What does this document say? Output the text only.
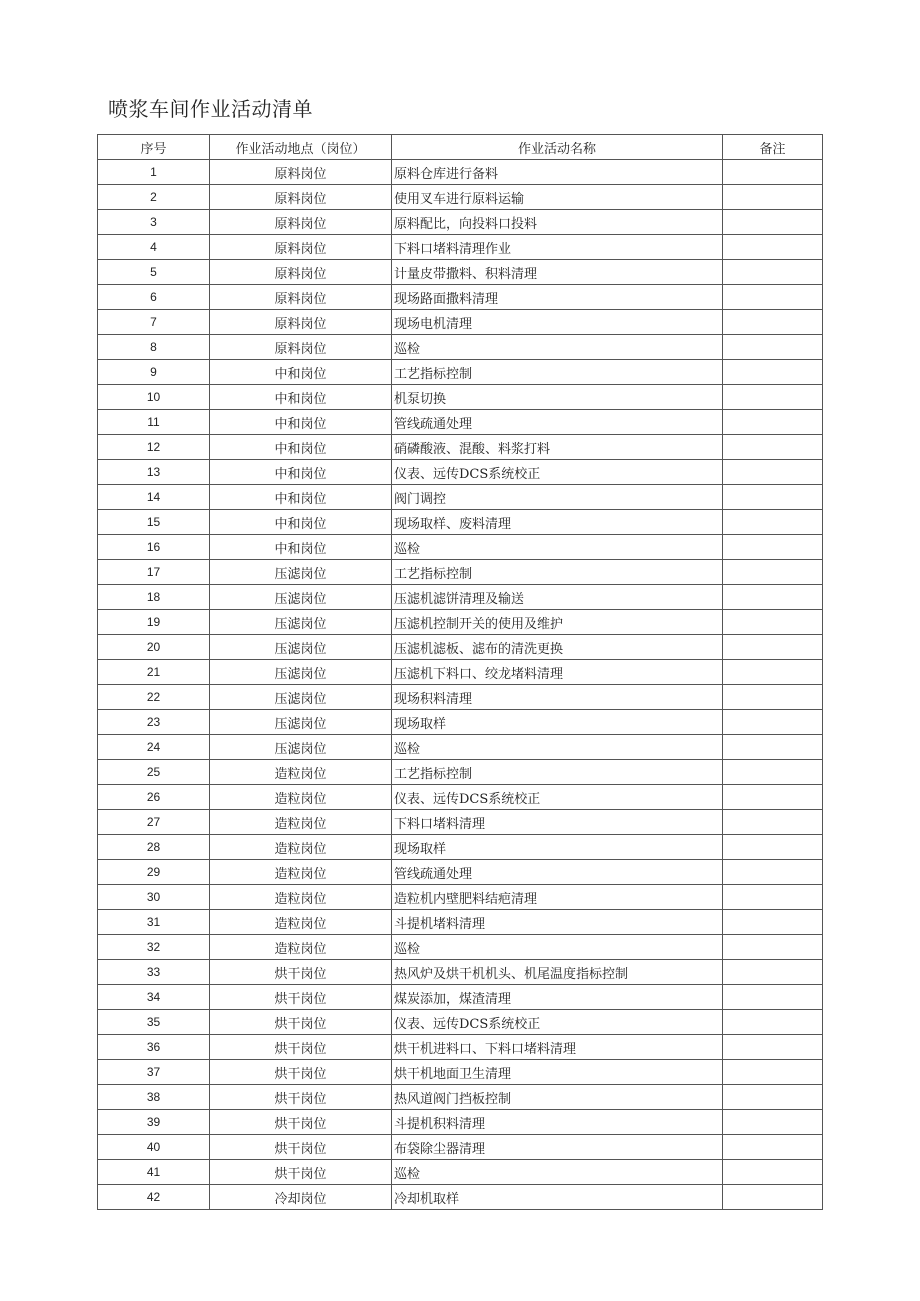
喷浆车间作业活动清单
序号	作业活动地点（岗位）	作业活动名称	备注
1	原料岗位	原料仓库进行备料	
2	原料岗位	使用叉车进行原料运输	
3	原料岗位	原料配比，向投料口投料	
4	原料岗位	下料口堵料清理作业	
5	原料岗位	计量皮带撒料、积料清理	
6	原料岗位	现场路面撒料清理	
7	原料岗位	现场电机清理	
8	原料岗位	巡检	
9	中和岗位	工艺指标控制	
10	中和岗位	机泵切换	
11	中和岗位	管线疏通处理	
12	中和岗位	硝磷酸液、混酸、料浆打料	
13	中和岗位	仪表、远传DCS系统校正	
14	中和岗位	阀门调控	
15	中和岗位	现场取样、废料清理	
16	中和岗位	巡检	
17	压滤岗位	工艺指标控制	
18	压滤岗位	压滤机滤饼清理及输送	
19	压滤岗位	压滤机控制开关的使用及维护	
20	压滤岗位	压滤机滤板、滤布的清洗更换	
21	压滤岗位	压滤机下料口、绞龙堵料清理	
22	压滤岗位	现场积料清理	
23	压滤岗位	现场取样	
24	压滤岗位	巡检	
25	造粒岗位	工艺指标控制	
26	造粒岗位	仪表、远传DCS系统校正	
27	造粒岗位	下料口堵料清理	
28	造粒岗位	现场取样	
29	造粒岗位	管线疏通处理	
30	造粒岗位	造粒机内壁肥料结疤清理	
31	造粒岗位	斗提机堵料清理	
32	造粒岗位	巡检	
33	烘干岗位	热风炉及烘干机机头、机尾温度指标控制	
34	烘干岗位	煤炭添加，煤渣清理	
35	烘干岗位	仪表、远传DCS系统校正	
36	烘干岗位	烘干机进料口、下料口堵料清理	
37	烘干岗位	烘干机地面卫生清理	
38	烘干岗位	热风道阀门挡板控制	
39	烘干岗位	斗提机积料清理	
40	烘干岗位	布袋除尘器清理	
41	烘干岗位	巡检	
42	冷却岗位	冷却机取样	
